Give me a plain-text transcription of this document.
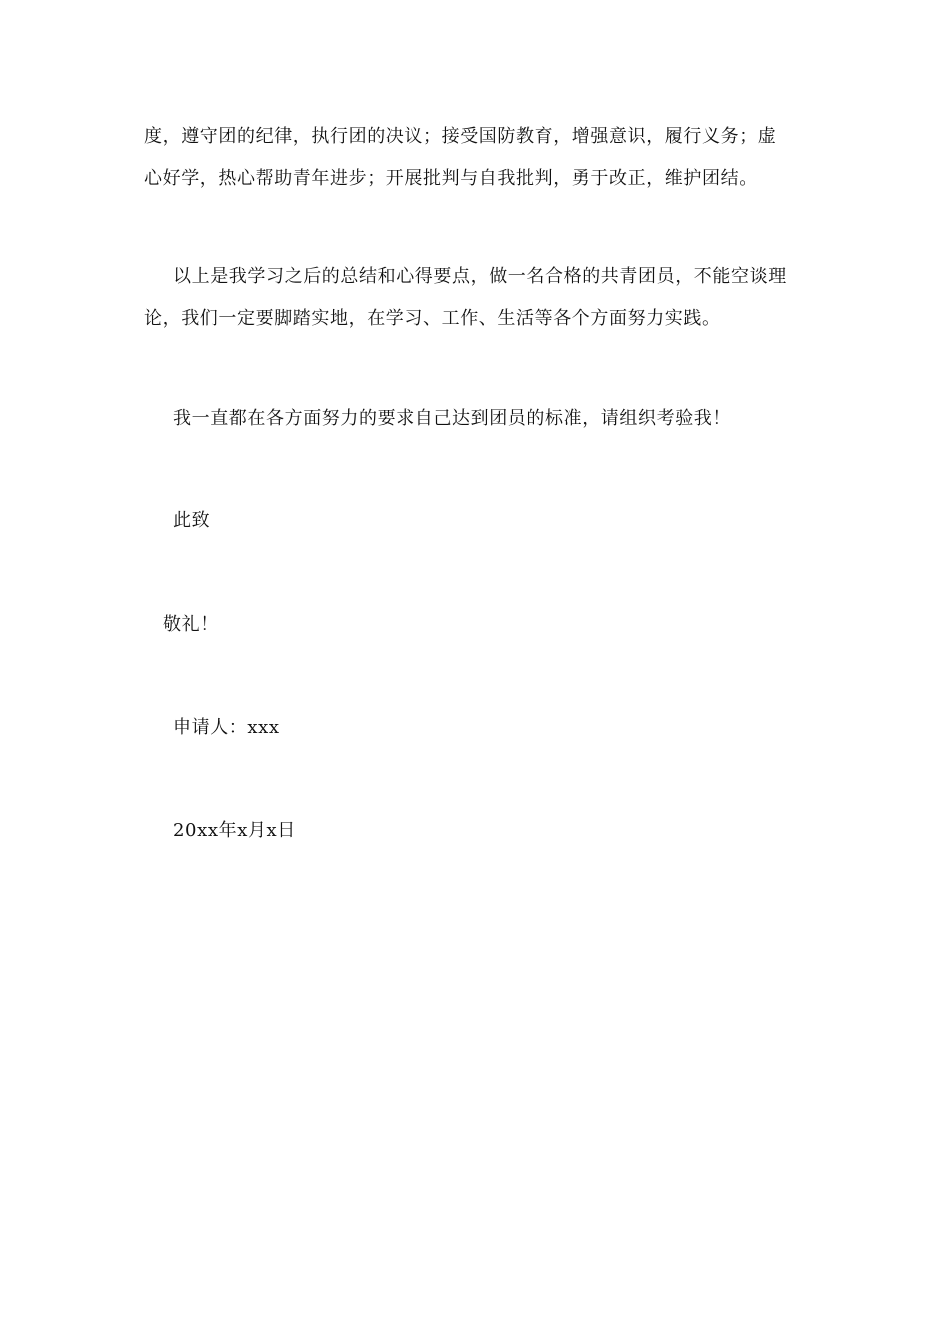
度，遵守团的纪律，执行团的决议；接受国防教育，增强意识，履行义务；虚
心好学，热心帮助青年进步；开展批判与自我批判，勇于改正，维护团结。
以上是我学习之后的总结和心得要点，做一名合格的共青团员，不能空谈理
论，我们一定要脚踏实地，在学习、工作、生活等各个方面努力实践。
我一直都在各方面努力的要求自己达到团员的标准，请组织考验我！
此致
敬礼！
申请人：xxx
20xx年x月x日
